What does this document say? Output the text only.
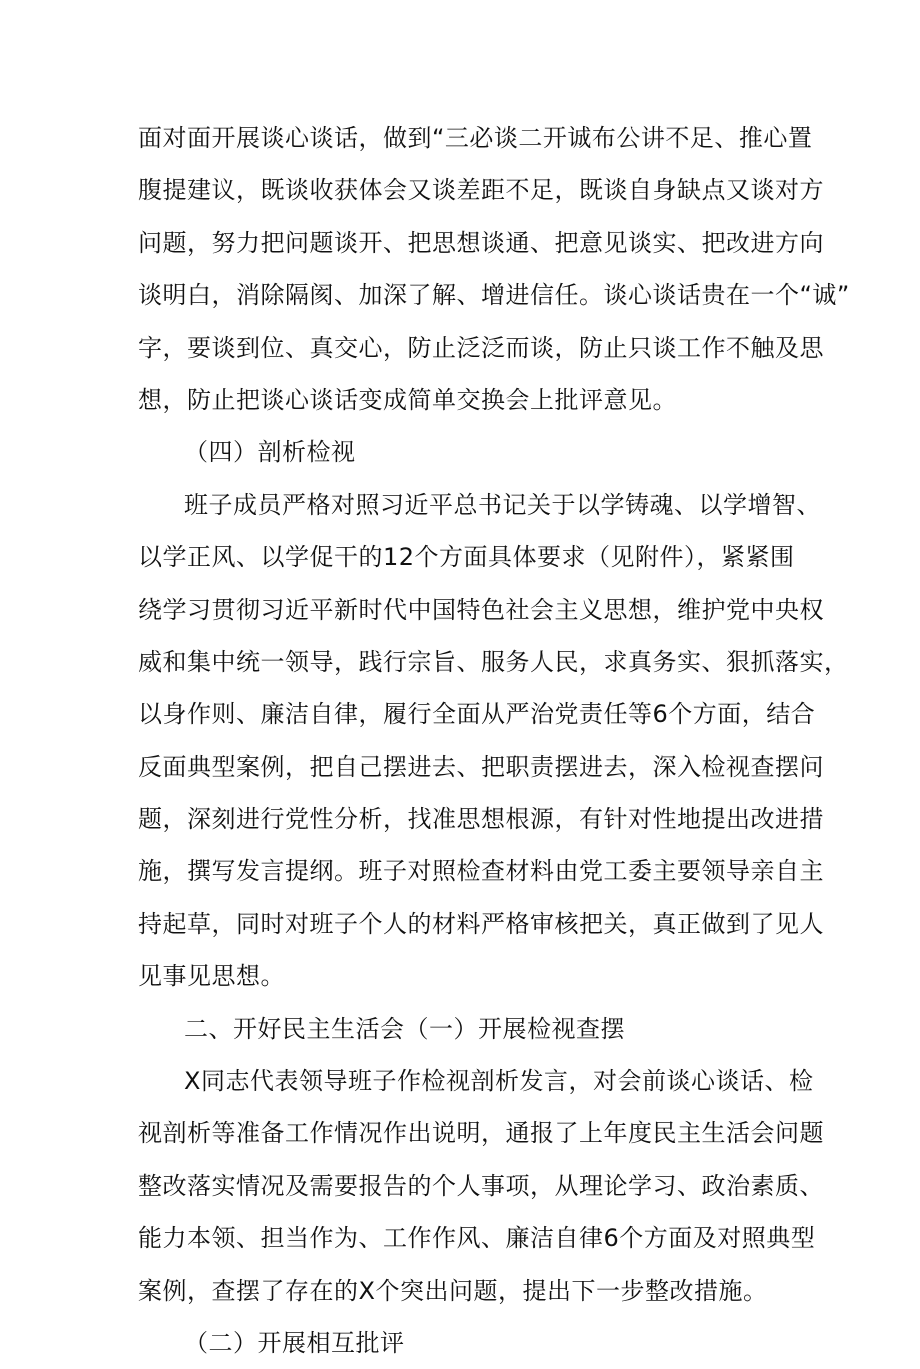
面对面开展谈心谈话，做到“三必谈二开诚布公讲不足、推心置
腹提建议，既谈收获体会又谈差距不足，既谈自身缺点又谈对方
问题，努力把问题谈开、把思想谈通、把意见谈实、把改进方向
谈明白，消除隔阂、加深了解、增进信任。谈心谈话贵在一个“诚”
字，要谈到位、真交心，防止泛泛而谈，防止只谈工作不触及思
想，防止把谈心谈话变成简单交换会上批评意见。
（四）剖析检视
班子成员严格对照习近平总书记关于以学铸魂、以学增智、
以学正风、以学促干的12个方面具体要求（见附件），紧紧围
绕学习贯彻习近平新时代中国特色社会主义思想，维护党中央权
威和集中统一领导，践行宗旨、服务人民，求真务实、狠抓落实，
以身作则、廉洁自律，履行全面从严治党责任等6个方面，结合
反面典型案例，把自己摆进去、把职责摆进去，深入检视查摆问
题，深刻进行党性分析，找准思想根源，有针对性地提出改进措
施，撰写发言提纲。班子对照检查材料由党工委主要领导亲自主
持起草，同时对班子个人的材料严格审核把关，真正做到了见人
见事见思想。
二、开好民主生活会（一）开展检视查摆
X同志代表领导班子作检视剖析发言，对会前谈心谈话、检
视剖析等准备工作情况作出说明，通报了上年度民主生活会问题
整改落实情况及需要报告的个人事项，从理论学习、政治素质、
能力本领、担当作为、工作作风、廉洁自律6个方面及对照典型
案例，查摆了存在的X个突出问题，提出下一步整改措施。
（二）开展相互批评
